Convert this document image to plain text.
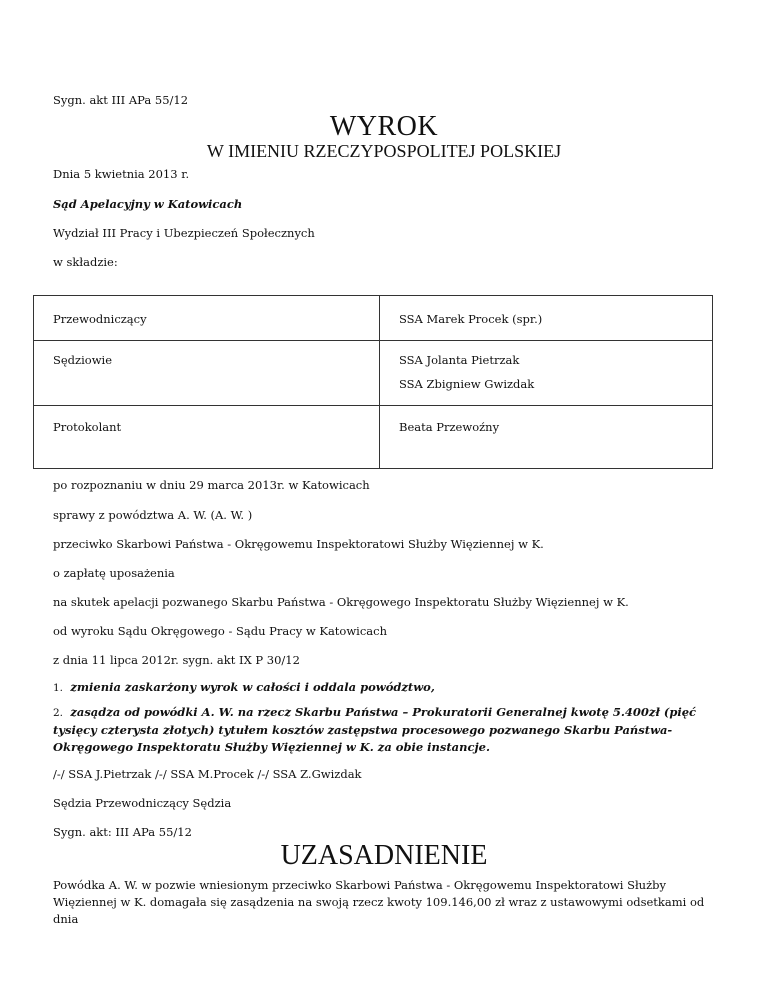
Sygn. akt III APa 55/12
WYROK
W IMIENIU RZECZYPOSPOLITEJ POLSKIEJ
Dnia 5 kwietnia 2013 r.
Sąd Apelacyjny w Katowicach
Wydział III Pracy i Ubezpieczeń Społecznych
w składzie:
Przewodniczący	SSA Marek Procek (spr.)

Sędziowie	SSA Jolanta Pietrzak
SSA Zbigniew Gwizdak

Protokolant	Beata Przewoźny
po rozpoznaniu w dniu 29 marca 2013r. w Katowicach
sprawy z powództwa A. W. (A. W. )
przeciwko Skarbowi Państwa - Okręgowemu Inspektoratowi Służby Więziennej w K.
o zapłatę uposażenia
na skutek apelacji pozwanego Skarbu Państwa - Okręgowego Inspektoratu Służby Więziennej w K.
od wyroku Sądu Okręgowego - Sądu Pracy w Katowicach
z dnia 11 lipca 2012r. sygn. akt IX P 30/12
1. zmienia zaskarżony wyrok w całości i oddala powództwo,
2. zasądza od powódki A. W. na rzecz Skarbu Państwa – Prokuratorii Generalnej kwotę 5.400zł (pięć tysięcy czterysta złotych) tytułem kosztów zastępstwa procesowego pozwanego Skarbu Państwa- Okręgowego Inspektoratu Służby Więziennej w K. za obie instancje.
/-/ SSA J.Pietrzak /-/ SSA M.Procek /-/ SSA Z.Gwizdak
Sędzia Przewodniczący Sędzia
Sygn. akt: III APa 55/12
UZASADNIENIE
Powódka A. W. w pozwie wniesionym przeciwko Skarbowi Państwa - Okręgowemu Inspektoratowi Służby Więziennej w K. domagała się zasądzenia na swoją rzecz kwoty 109.146,00 zł wraz z ustawowymi odsetkami od dnia
